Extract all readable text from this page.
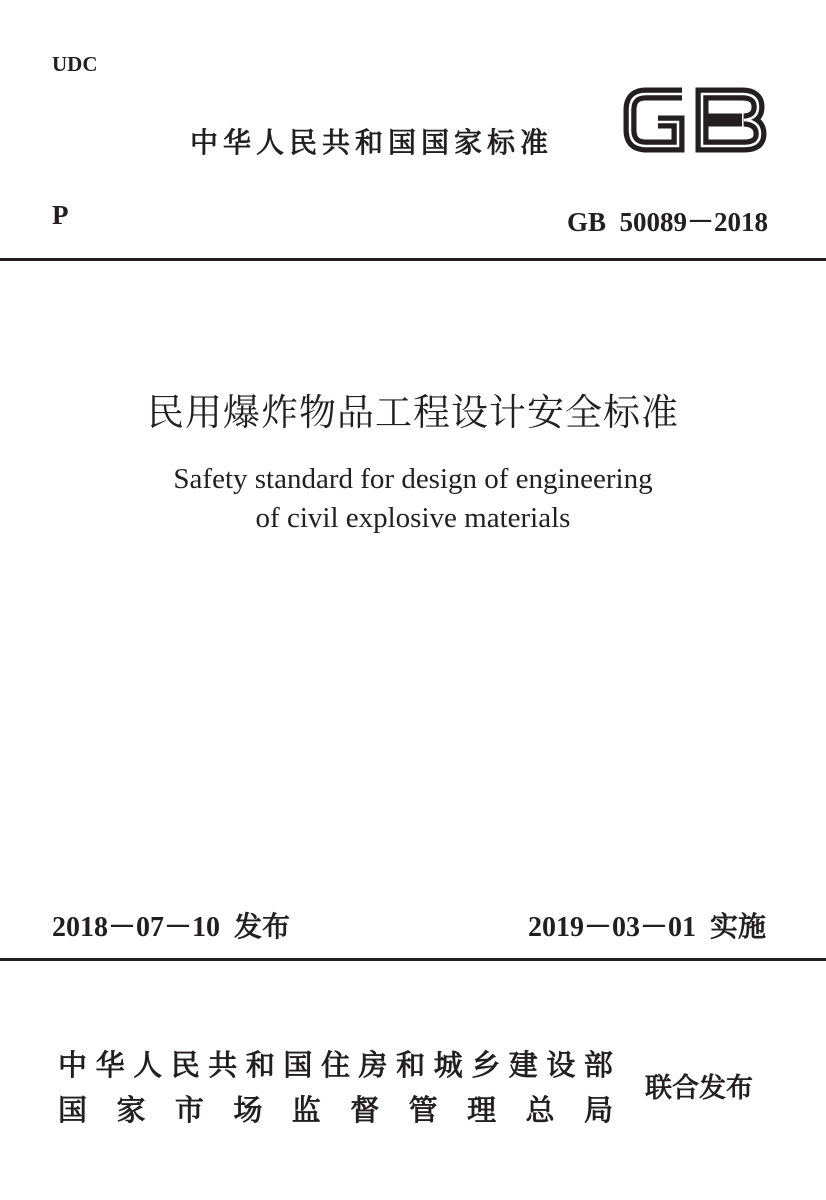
UDC
中华人民共和国国家标准
P	GB  50089－2018
民用爆炸物品工程设计安全标准
Safety standard for design of engineering
of civil explosive materials
2018－07－10  发布	2019－03－01  实施
中 华 人 民 共 和 国 住 房 和 城 乡 建 设 部
国 家 市 场 监 督 管 理 总 局
联合发布
